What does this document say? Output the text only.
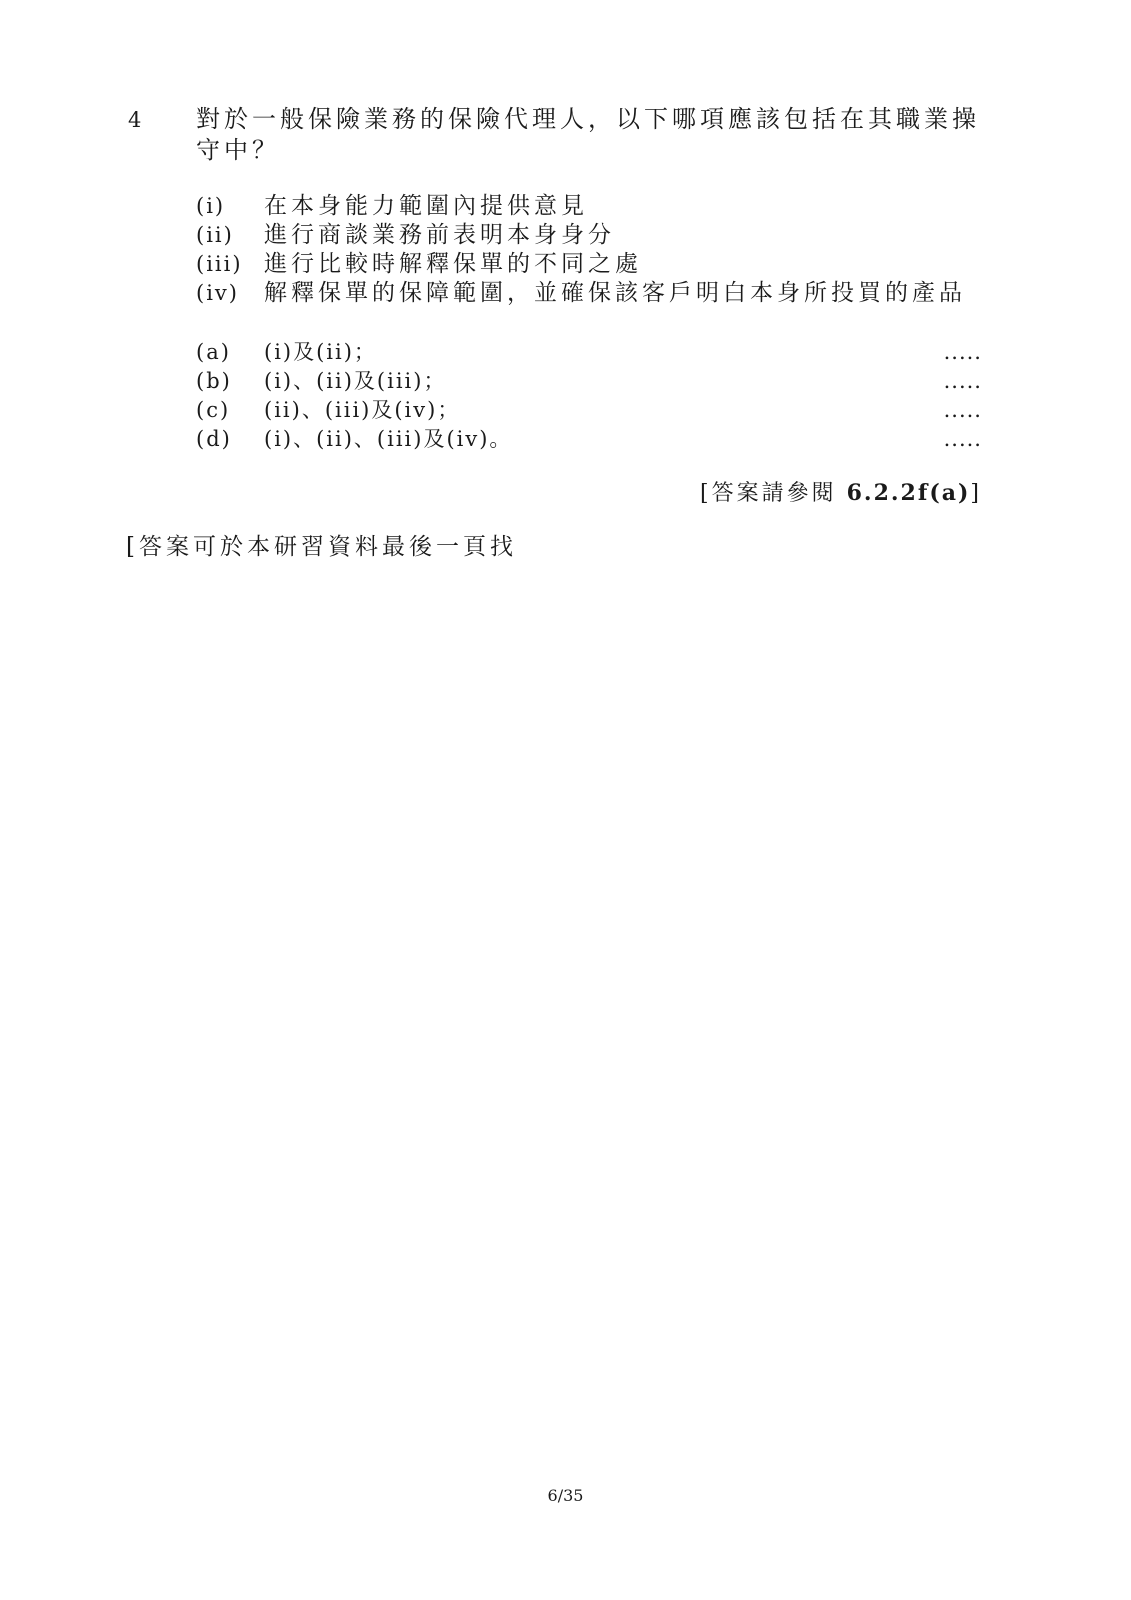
4 對於一般保險業務的保險代理人，以下哪項應該包括在其職業操守中？
(i)	在本身能力範圍內提供意見
(ii)	進行商談業務前表明本身身分
(iii) 進行比較時解釋保單的不同之處
(iv)	解釋保單的保障範圍，並確保該客戶明白本身所投買的產品
(a)	(i)及(ii)；	.....
(b)	(i)、(ii)及(iii)；	.....
(c)	(ii)、(iii)及(iv)；	.....
(d)	(i)、(ii)、(iii)及(iv)。	.....
[答案請參閱 6.2.2f(a)]
[答案可於本研習資料最後一頁找
6/35
